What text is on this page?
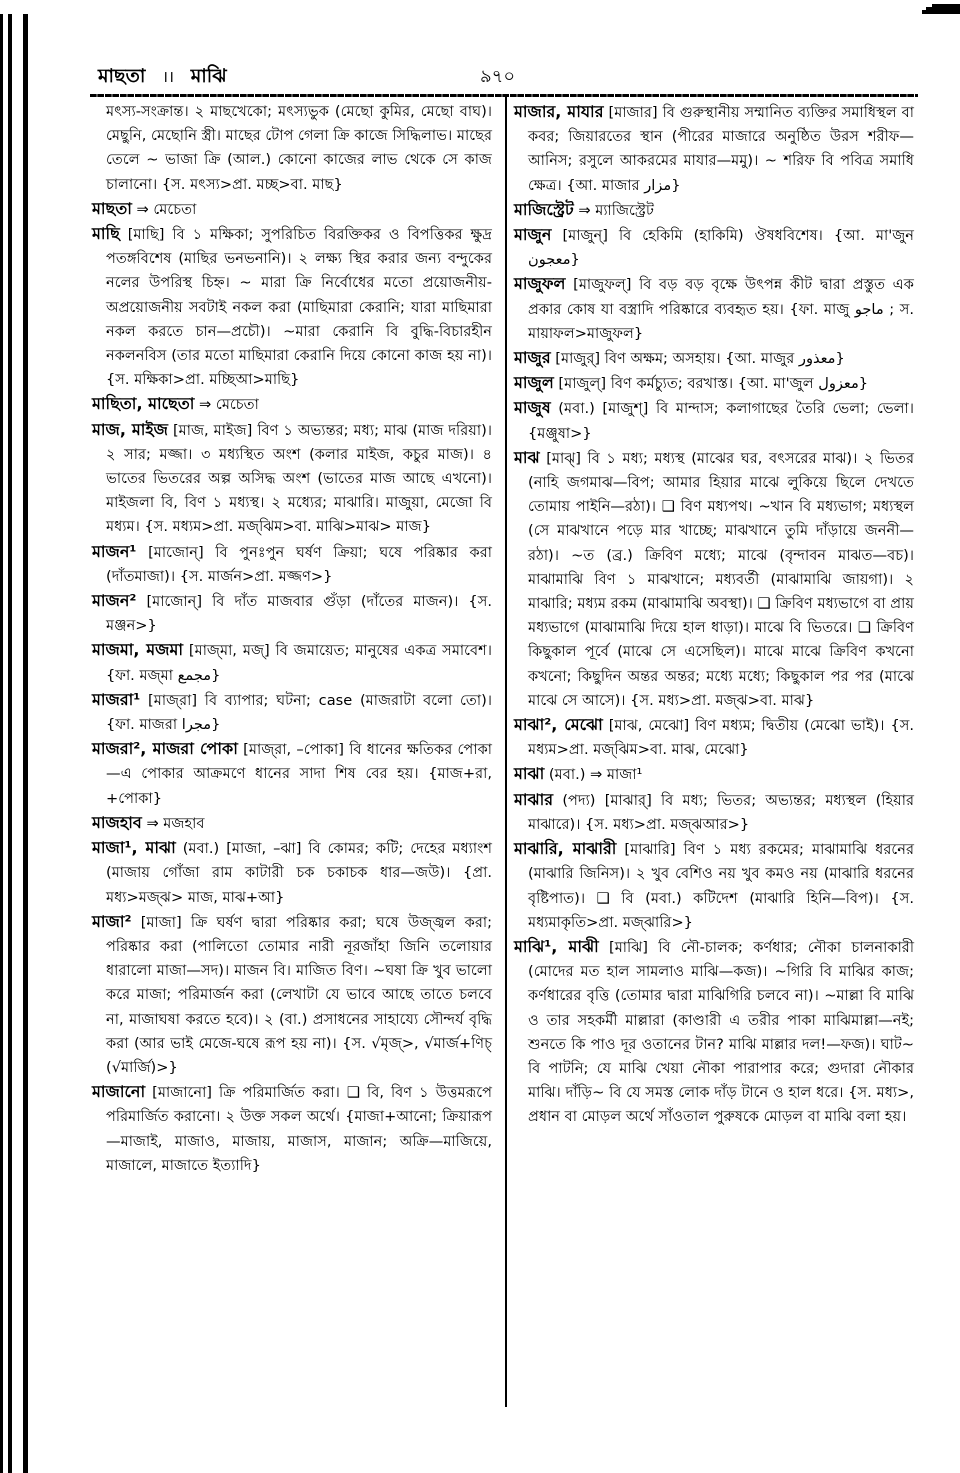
মাছতা ।। মাঝি	৯৭০

মৎস্য-সংক্রান্ত। ২ মাছখেকো; মৎস্যভুক (মেছো কুমির, মেছো বাঘ)। মেছুনি, মেছোনি স্ত্রী। মাছের টোপ গেলা ক্রি কাজে সিদ্ধিলাভ। মাছের তেলে ~ ভাজা ক্রি (আল.) কোনো কাজের লাভ থেকে সে কাজ চালানো। {স. মৎস্য>প্রা. মচ্ছ>বা. মাছ}

মাছতা ⇒ মেচেতা

মাছি [মাছি] বি ১ মক্ষিকা; সুপরিচিত বিরক্তিকর ও বিপত্তিকর ক্ষুদ্র পতঙ্গবিশেষ (মাছির ভনভনানি)। ২ লক্ষ্য স্থির করার জন্য বন্দুকের নলের উপরিস্থ চিহ্ন। ~ মারা ক্রি নির্বোধের মতো প্রয়োজনীয়-অপ্রয়োজনীয় সবটাই নকল করা (মাছিমারা কেরানি; যারা মাছিমারা নকল করতে চান—প্রচৌ)। ~মারা কেরানি বি বুদ্ধি-বিচারহীন নকলনবিস (তার মতো মাছিমারা কেরানি দিয়ে কোনো কাজ হয় না)। {স. মক্ষিকা>প্রা. মচ্ছিআ>মাছি}

মাছিতা, মাছেতা ⇒ মেচেতা

মাজ, মাইজ [মাজ, মাইজ] বিণ ১ অভ্যন্তর; মধ্য; মাঝ (মাজ দরিয়া)। ২ সার; মজ্জা। ৩ মধ্যস্থিত অংশ (কলার মাইজ, কচুর মাজ)। ৪ ভাতের ভিতরের অল্প অসিদ্ধ অংশ (ভাতের মাজ আছে এখনো)। মাইজলা বি, বিণ ১ মধ্যস্থ। ২ মধ্যের; মাঝারি। মাজুয়া, মেজো বি মধ্যম। {স. মধ্যম>প্রা. মজ্‌ঝিম>বা. মাঝি>মাঝ> মাজ}

মাজন¹ [মাজোন্‌] বি পুনঃপুন ঘর্ষণ ক্রিয়া; ঘষে পরিষ্কার করা (দাঁতমাজা)। {স. মার্জন>প্রা. মজ্জণ>}

মাজন² [মাজোন্‌] বি দাঁত মাজবার গুঁড়া (দাঁতের মাজন)। {স. মঞ্জন>}

মাজমা, মজমা [মাজ্‌মা, মজ্‌] বি জমায়েত; মানুষের একত্র সমাবেশ। {ফা. মজ্‌মা مجمع}

মাজরা¹ [মাজ্‌রা] বি ব্যাপার; ঘটনা; case (মাজরাটা বলো তো)। {ফা. মাজরা مجرا}

মাজরা², মাজরা পোকা [মাজ্‌রা, –পোকা] বি ধানের ক্ষতিকর পোকা—এ পোকার আক্রমণে ধানের সাদা শিষ বের হয়। {মাজ+রা, +পোকা}

মাজহাব ⇒ মজহাব

মাজা¹, মাঝা (মবা.) [মাজা, –ঝা] বি কোমর; কটি; দেহের মধ্যাংশ (মাজায় গোঁজা রাম কাটারী চক চকাচক ধার—জউ)। {প্রা. মধ্য>মজ্‌ঝ> মাজ, মাঝ+আ}

মাজা² [মাজা] ক্রি ঘর্ষণ দ্বারা পরিষ্কার করা; ঘষে উজ্জ্বল করা; পরিষ্কার করা (পালিতো তোমার নারী নূরজাঁহা জিনি তলোয়ার ধারালো মাজা—সদ)। মাজন বি। মাজিত বিণ। ~ঘষা ক্রি খুব ভালো করে মাজা; পরিমার্জন করা (লেখাটা যে ভাবে আছে তাতে চলবে না, মাজাঘষা করতে হবে)। ২ (বা.) প্রসাধনের সাহায্যে সৌন্দর্য বৃদ্ধি করা (আর ভাই মেজে-ঘষে রূপ হয় না)। {স. √মৃজ্‌>, √মার্জ+ণিচ্‌ (√মার্জি)>}

মাজানো [মাজানো] ক্রি পরিমার্জিত করা। ❑ বি, বিণ ১ উত্তমরূপে পরিমার্জিত করানো। ২ উক্ত সকল অর্থে। {মাজা+আনো; ক্রিয়ারূপ—মাজাই, মাজাও, মাজায়, মাজাস, মাজান; অক্রি—মাজিয়ে, মাজালে, মাজাতে ইত্যাদি}

মাজার, মাযার [মাজার] বি গুরুস্থানীয় সম্মানিত ব্যক্তির সমাধিস্থল বা কবর; জিয়ারতের স্থান (পীরের মাজারে অনুষ্ঠিত উরস শরীফ—আনিস; রসুলে আকরমের মাযার—মমু)। ~ শরিফ বি পবিত্র সমাধি ক্ষেত্র। {আ. মাজার مزار}

মাজিস্ট্রেট ⇒ ম্যাজিস্ট্রেট

মাজুন [মাজুন্‌] বি হেকিমি (হাকিমি) ঔষধবিশেষ। {আ. মা'জুন معجون}

মাজুফল [মাজুফল্‌] বি বড় বড় বৃক্ষে উৎপন্ন কীট দ্বারা প্রস্তুত এক প্রকার কোষ যা বস্ত্রাদি পরিষ্কারে ব্যবহৃত হয়। {ফা. মাজু ماجو ; স. মায়াফল>মাজুফল}

মাজুর [মাজুর্‌] বিণ অক্ষম; অসহায়। {আ. মাজুর معذور}

মাজুল [মাজুল্‌] বিণ কর্মচ্যুত; বরখাস্ত। {আ. মা'জুল معزول}

মাজুষ (মবা.) [মাজুশ্‌] বি মান্দাস; কলাগাছের তৈরি ভেলা; ভেলা। {মঞ্জুষা>}

মাঝ [মাঝ্‌] বি ১ মধ্য; মধ্যস্থ (মাঝের ঘর, বৎসরের মাঝ)। ২ ভিতর (নাহি জগমাঝ—বিপ; আমার হিয়ার মাঝে লুকিয়ে ছিলে দেখতে তোমায় পাইনি—রঠা)। ❑ বিণ মধ্যপথ। ~খান বি মধ্যভাগ; মধ্যস্থল (সে মাঝখানে পড়ে মার খাচ্ছে; মাঝখানে তুমি দাঁড়ায়ে জননী—রঠা)। ~ত (ব্র.) ক্রিবিণ মধ্যে; মাঝে (বৃন্দাবন মাঝত—বচ)। মাঝামাঝি বিণ ১ মাঝখানে; মধ্যবর্তী (মাঝামাঝি জায়গা)। ২ মাঝারি; মধ্যম রকম (মাঝামাঝি অবস্থা)। ❑ ক্রিবিণ মধ্যভাগে বা প্রায় মধ্যভাগে (মাঝামাঝি দিয়ে হাল ধাড়া)। মাঝে বি ভিতরে। ❑ ক্রিবিণ কিছুকাল পূর্বে (মাঝে সে এসেছিল)। মাঝে মাঝে ক্রিবিণ কখনো কখনো; কিছুদিন অন্তর অন্তর; মধ্যে মধ্যে; কিছুকাল পর পর (মাঝে মাঝে সে আসে)। {স. মধ্য>প্রা. মজ্‌ঝ>বা. মাঝ}

মাঝা², মেঝো [মাঝ, মেঝো] বিণ মধ্যম; দ্বিতীয় (মেঝো ভাই)। {স. মধ্যম>প্রা. মজ্‌ঝিম>বা. মাঝ, মেঝো}

মাঝা (মবা.) ⇒ মাজা¹

মাঝার (পদ্য) [মাঝার্‌] বি মধ্য; ভিতর; অভ্যন্তর; মধ্যস্থল (হিয়ার মাঝারে)। {স. মধ্য>প্রা. মজ্‌ঝআর>}

মাঝারি, মাঝারী [মাঝারি] বিণ ১ মধ্য রকমের; মাঝামাঝি ধরনের (মাঝারি জিনিস)। ২ খুব বেশিও নয় খুব কমও নয় (মাঝারি ধরনের বৃষ্টিপাত)। ❑ বি (মবা.) কটিদেশ (মাঝারি হিনি—বিপ)। {স. মধ্যমাকৃতি>প্রা. মজ্‌ঝারি>}

মাঝি¹, মাঝী [মাঝি] বি নৌ-চালক; কর্ণধার; নৌকা চালনাকারী (মোদের মত হাল সামলাও মাঝি—কজ)। ~গিরি বি মাঝির কাজ; কর্ণধারের বৃত্তি (তোমার দ্বারা মাঝিগিরি চলবে না)। ~মাল্লা বি মাঝি ও তার সহকর্মী মাল্লারা (কাণ্ডারী এ তরীর পাকা মাঝিমাল্লা—নই; শুনতে কি পাও দূর ওতানের টান? মাঝি মাল্লার দল!—ফজ)। ঘাট~ বি পাটনি; যে মাঝি খেয়া নৌকা পারাপার করে; গুদারা নৌকার মাঝি। দাঁড়ি~ বি যে সমস্ত লোক দাঁড় টানে ও হাল ধরে। {স. মধ্য>, প্রধান বা মোড়ল অর্থে সাঁওতাল পুরুষকে মোড়ল বা মাঝি বলা হয়।
